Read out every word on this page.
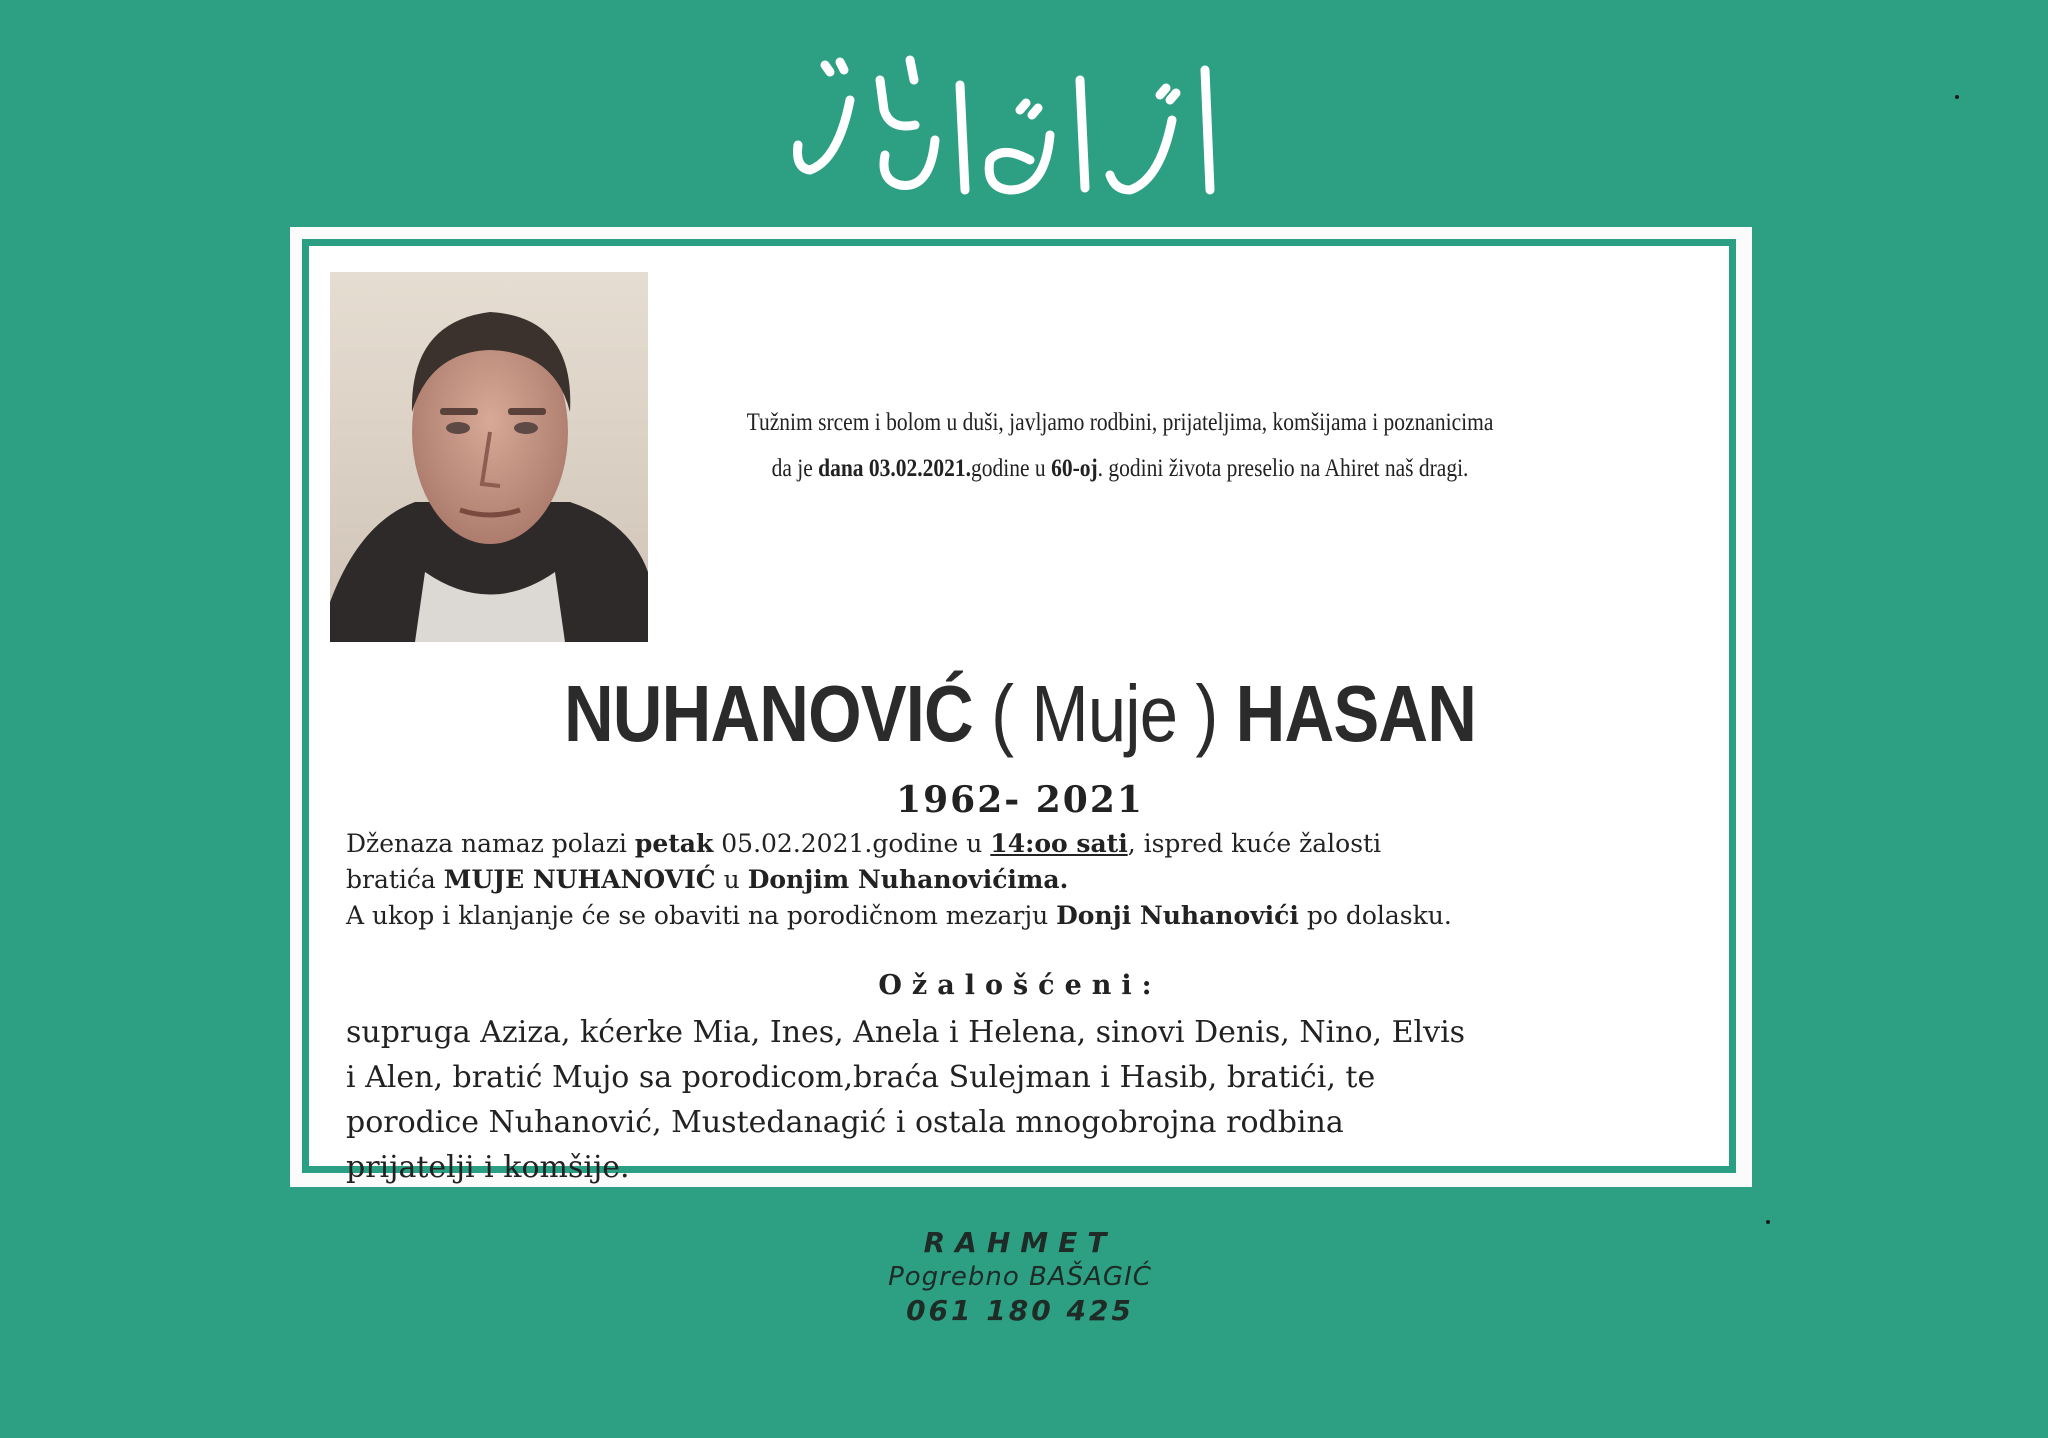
Tužnim srcem i bolom u duši, javljamo rodbini, prijateljima, komšijama i poznanicima
da je dana 03.02.2021.godine u 60-oj. godini života preselio na Ahiret naš dragi.
NUHANOVIĆ ( Muje ) HASAN
1962- 2021
Dženaza namaz polazi petak 05.02.2021.godine u 14:oo sati, ispred kuće žalosti
bratića MUJE NUHANOVIĆ u Donjim Nuhanovićima.
A ukop i klanjanje će se obaviti na porodičnom mezarju Donji Nuhanovići po dolasku.
Ožalošćeni:
supruga Aziza, kćerke Mia, Ines, Anela i Helena, sinovi Denis, Nino, Elvis
i Alen, bratić Mujo sa porodicom,braća Sulejman i Hasib, bratići, te
porodice Nuhanović, Mustedanagić i ostala mnogobrojna rodbina
prijatelji i komšije.
RAHMET
Pogrebno BAŠAGIĆ
061 180 425
